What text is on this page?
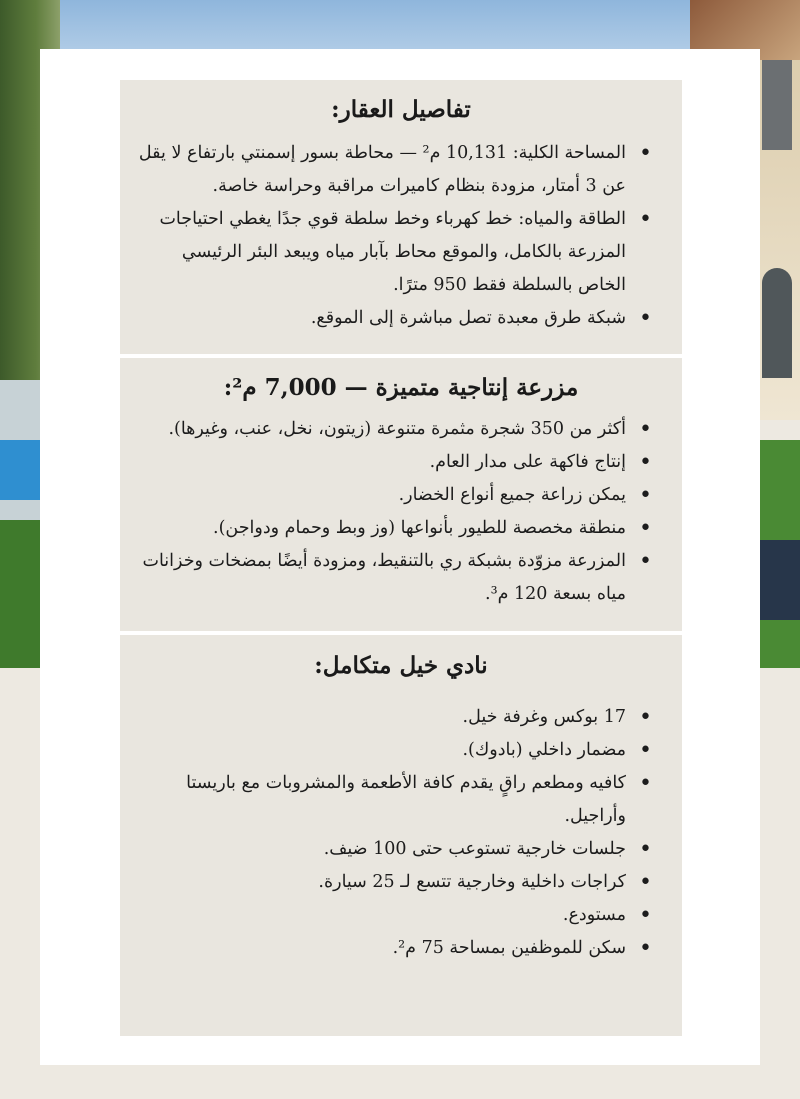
تفاصيل العقار:
• المساحة الكلية: 10,131 م² — محاطة بسور إسمنتي بارتفاع لا يقل عن 3 أمتار، مزودة بنظام كاميرات مراقبة وحراسة خاصة.
• الطاقة والمياه: خط كهرباء وخط سلطة قوي جدًا يغطي احتياجات المزرعة بالكامل، والموقع محاط بآبار مياه ويبعد البئر الرئيسي الخاص بالسلطة فقط 950 مترًا.
• شبكة طرق معبدة تصل مباشرة إلى الموقع.
مزرعة إنتاجية متميزة — 7,000 م²:
• أكثر من 350 شجرة مثمرة متنوعة (زيتون، نخل، عنب، وغيرها).
• إنتاج فاكهة على مدار العام.
• يمكن زراعة جميع أنواع الخضار.
• منطقة مخصصة للطيور بأنواعها (وز وبط وحمام ودواجن).
• المزرعة مزوّدة بشبكة ري بالتنقيط، ومزودة أيضًا بمضخات وخزانات مياه بسعة 120 م³.
نادي خيل متكامل:
• 17 بوكس وغرفة خيل.
• مضمار داخلي (بادوك).
• كافيه ومطعم راقٍ يقدم كافة الأطعمة والمشروبات مع باريستا وأراجيل.
• جلسات خارجية تستوعب حتى 100 ضيف.
• كراجات داخلية وخارجية تتسع لـ 25 سيارة.
• مستودع.
• سكن للموظفين بمساحة 75 م².
